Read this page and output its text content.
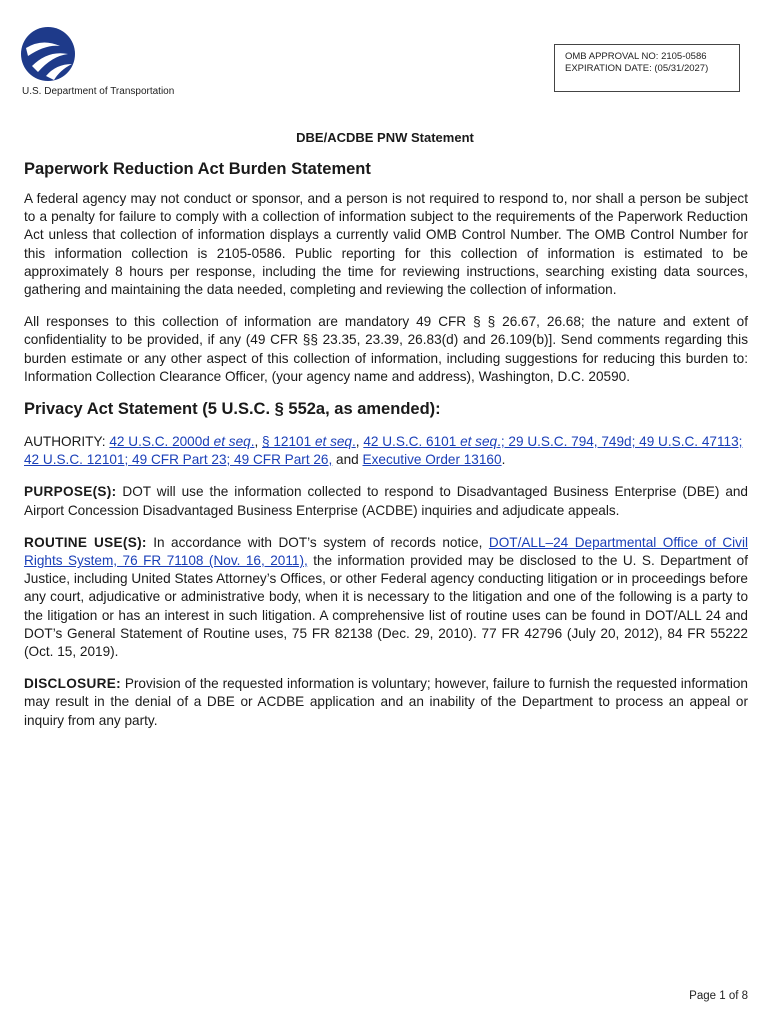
U.S. Department of Transportation
OMB APPROVAL NO: 2105-0586
EXPIRATION DATE: (05/31/2027)
DBE/ACDBE PNW Statement
Paperwork Reduction Act Burden Statement

A federal agency may not conduct or sponsor, and a person is not required to respond to, nor shall a person be subject to a penalty for failure to comply with a collection of information subject to the requirements of the Paperwork Reduction Act unless that collection of information displays a currently valid OMB Control Number. The OMB Control Number for this information collection is 2105-0586. Public reporting for this collection of information is estimated to be approximately 8 hours per response, including the time for reviewing instructions, searching existing data sources, gathering and maintaining the data needed, completing and reviewing the collection of information.

All responses to this collection of information are mandatory 49 CFR § § 26.67, 26.68; the nature and extent of confidentiality to be provided, if any (49 CFR §§ 23.35, 23.39, 26.83(d) and 26.109(b)]. Send comments regarding this burden estimate or any other aspect of this collection of information, including suggestions for reducing this burden to: Information Collection Clearance Officer, (your agency name and address), Washington, D.C. 20590.

Privacy Act Statement (5 U.S.C. § 552a, as amended):

AUTHORITY: 42 U.S.C. 2000d et seq., § 12101 et seq., 42 U.S.C. 6101 et seq.; 29 U.S.C. 794, 749d; 49 U.S.C. 47113; 42 U.S.C. 12101; 49 CFR Part 23; 49 CFR Part 26, and Executive Order 13160.

PURPOSE(S): DOT will use the information collected to respond to Disadvantaged Business Enterprise (DBE) and Airport Concession Disadvantaged Business Enterprise (ACDBE) inquiries and adjudicate appeals.

ROUTINE USE(S): In accordance with DOT’s system of records notice, DOT/ALL–24 Departmental Office of Civil Rights System, 76 FR 71108 (Nov. 16, 2011), the information provided may be disclosed to the U. S. Department of Justice, including United States Attorney’s Offices, or other Federal agency conducting litigation or in proceedings before any court, adjudicative or administrative body, when it is necessary to the litigation and one of the following is a party to the litigation or has an interest in such litigation. A comprehensive list of routine uses can be found in DOT/ALL 24 and DOT’s General Statement of Routine uses, 75 FR 82138 (Dec. 29, 2010). 77 FR 42796 (July 20, 2012), 84 FR 55222 (Oct. 15, 2019).

DISCLOSURE: Provision of the requested information is voluntary; however, failure to furnish the requested information may result in the denial of a DBE or ACDBE application and an inability of the Department to process an appeal or inquiry from any party.

Page 1 of 8
